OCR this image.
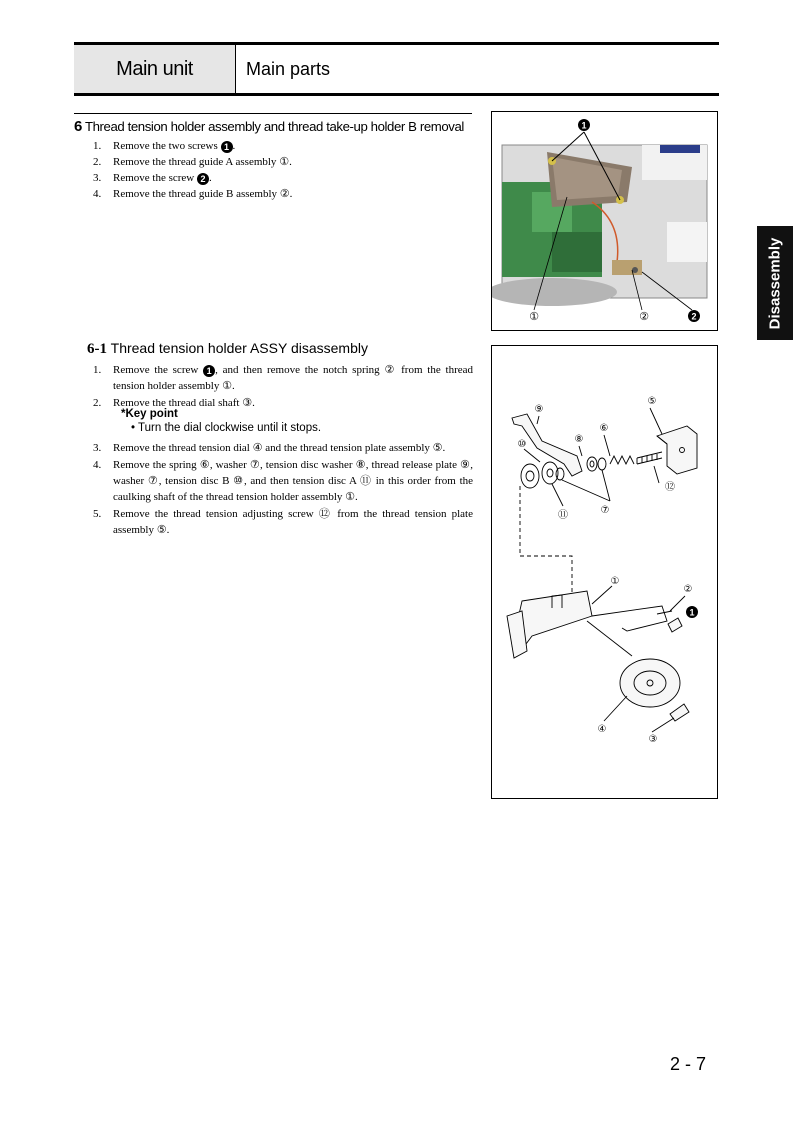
Main unit	Main parts
Disassembly
6 Thread tension holder assembly and thread take-up holder B removal
1. Remove the two screws 1 .
2. Remove the thread guide A assembly ①.
3. Remove the screw 2 .
4. Remove the thread guide B assembly ②.
1
①	②	2
6-1 Thread tension holder ASSY disassembly
1. Remove the screw 1 , and then remove the notch spring ② from the thread tension holder assembly ①.
2. Remove the thread dial shaft ③.
*Key point
• Turn the dial clockwise until it stops.
3. Remove the thread tension dial ④ and the thread tension plate assembly ⑤.
4. Remove the spring ⑥, washer ⑦, tension disc washer ⑧, thread release plate ⑨, washer ⑦, tension disc B ⑩, and then tension disc A ⑪ in this order from the caulking shaft of the thread tension holder assembly ①.
5. Remove the thread tension adjusting screw ⑫ from the thread tension plate assembly ⑤.
⑨
⑧
⑥
⑤
⑩
⑫
⑦
⑪
①
②
④
③
1
2 - 7
